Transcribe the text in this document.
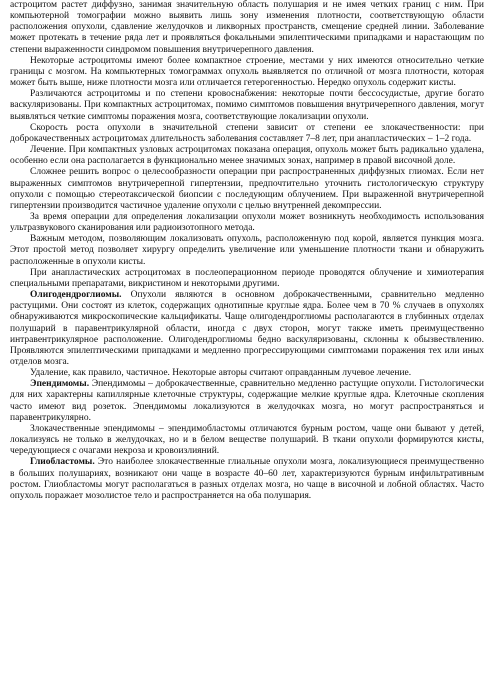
астроцитом растет диффузно, занимая значительную область полушария и не имея четких границ с ним. При компьютерной томографии можно выявить лишь зону изменения плотности, соответствующую области расположения опухоли, сдавление желудочков и ликворных пространств, смещение средней линии. Заболевание может протекать в течение ряда лет и проявляться фокальными эпилептическими припадками и нарастающим по степени выраженности синдромом повышения внутричерепного давления.

Некоторые астроцитомы имеют более компактное строение, местами у них имеются относительно четкие границы с мозгом. На компьютерных томограммах опухоль выявляется по отличной от мозга плотности, которая может быть выше, ниже плотности мозга или отличается гетерогенностью. Нередко опухоль содержит кисты.

Различаются астроцитомы и по степени кровоснабжения: некоторые почти бессосудистые, другие богато васкуляризованы. При компактных астроцитомах, помимо симптомов повышения внутричерепного давления, могут выявляться четкие симптомы поражения мозга, соответствующие локализации опухоли.

Скорость роста опухоли в значительной степени зависит от степени ее злокачественности: при доброкачественных астроцитомах длительность заболевания составляет 7–8 лет, при анапластических – 1–2 года.

Лечение. При компактных узловых астроцитомах показана операция, опухоль может быть радикально удалена, особенно если она располагается в функционально менее значимых зонах, например в правой височной доле.

Сложнее решить вопрос о целесообразности операции при распространенных диффузных глиомах. Если нет выраженных симптомов внутричерепной гипертензии, предпочтительно уточнить гистологическую структуру опухоли с помощью стереотаксической биопсии с последующим облучением. При выраженной внутричерепной гипертензии производится частичное удаление опухоли с целью внутренней декомпрессии.

За время операции для определения локализации опухоли может возникнуть необходимость использования ультразвукового сканирования или радиоизотопного метода.

Важным методом, позволяющим локализовать опухоль, расположенную под корой, является пункция мозга. Этот простой метод позволяет хирургу определить увеличение или уменьшение плотности ткани и обнаружить расположенные в опухоли кисты.

При анапластических астроцитомах в послеоперационном периоде проводятся облучение и химиотерапия специальными препаратами, викристином и некоторыми другими.

Олигодендроглиомы. Опухоли являются в основном доброкачественными, сравнительно медленно растущими. Они состоят из клеток, содержащих однотипные круглые ядра. Более чем в 70 % случаев в опухолях обнаруживаются микроскопические кальцификаты. Чаще олигодендроглиомы располагаются в глубинных отделах полушарий в паравентрикулярной области, иногда с двух сторон, могут также иметь преимущественно интравентрикулярное расположение. Олигодендроглиомы бедно васкуляризованы, склонны к обызвествлению. Проявляются эпилептическими припадками и медленно прогрессирующими симптомами поражения тех или иных отделов мозга.

Удаление, как правило, частичное. Некоторые авторы считают оправданным лучевое лечение.

Эпендимомы. Эпендимомы – доброкачественные, сравнительно медленно растущие опухоли. Гистологически для них характерны капиллярные клеточные структуры, содержащие мелкие круглые ядра. Клеточные скопления часто имеют вид розеток. Эпендимомы локализуются в желудочках мозга, но могут распространяться и паравентрикулярно.

Злокачественные эпендимомы – эпендимобластомы отличаются бурным ростом, чаще они бывают у детей, локализуясь не только в желудочках, но и в белом веществе полушарий. В ткани опухоли формируются кисты, чередующиеся с очагами некроза и кровоизлияний.

Глиобластомы. Это наиболее злокачественные глиальные опухоли мозга, локализующиеся преимущественно в больших полушариях, возникают они чаще в возрасте 40–60 лет, характеризуются бурным инфильтративным ростом. Глиобластомы могут располагаться в разных отделах мозга, но чаще в височной и лобной областях. Часто опухоль поражает мозолистое тело и распространяется на оба полушария.
